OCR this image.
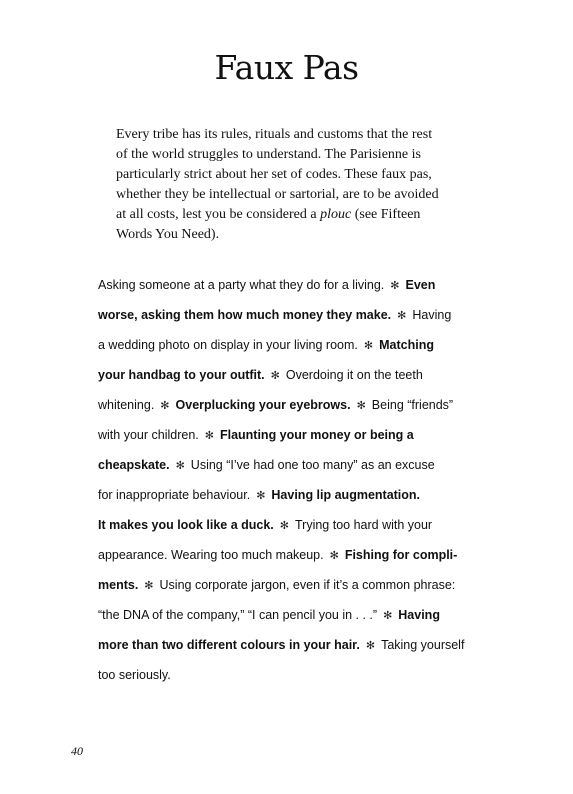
Faux Pas

Every tribe has its rules, rituals and customs that the rest
of the world struggles to understand. The Parisienne is
particularly strict about her set of codes. These faux pas,
whether they be intellectual or sartorial, are to be avoided
at all costs, lest you be considered a plouc (see Fifteen
Words You Need).

Asking someone at a party what they do for a living. ✻ Even
worse, asking them how much money they make. ✻ Having
a wedding photo on display in your living room. ✻ Matching
your handbag to your outfit. ✻ Overdoing it on the teeth
whitening. ✻ Overplucking your eyebrows. ✻ Being “friends”
with your children. ✻ Flaunting your money or being a
cheapskate. ✻ Using “I’ve had one too many” as an excuse
for inappropriate behaviour. ✻ Having lip augmentation.
It makes you look like a duck. ✻ Trying too hard with your
appearance. Wearing too much makeup. ✻ Fishing for compli-
ments. ✻ Using corporate jargon, even if it’s a common phrase:
“the DNA of the company,” “I can pencil you in . . .” ✻ Having
more than two different colours in your hair. ✻ Taking yourself
too seriously.
40
